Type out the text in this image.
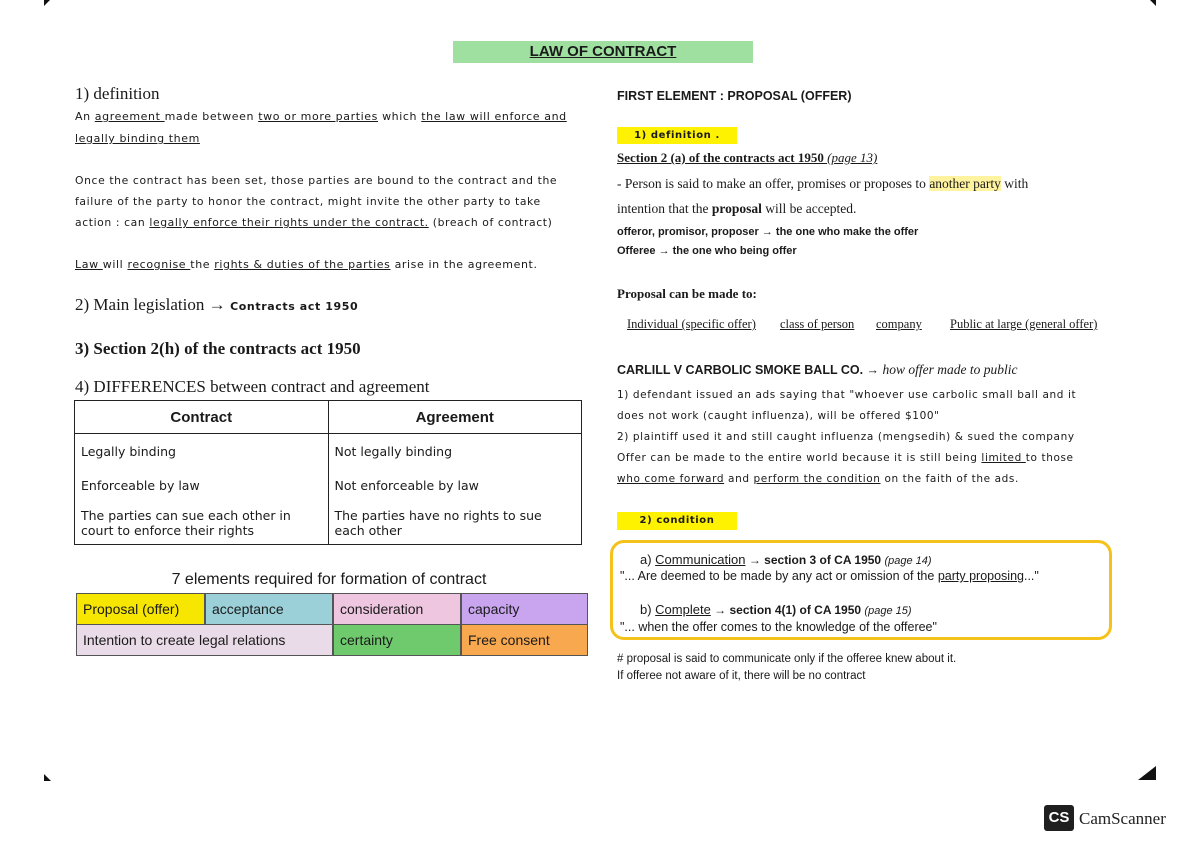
LAW OF CONTRACT
1) definition
An agreement made between two or more parties which the law will enforce and
legally binding them
Once the contract has been set, those parties are bound to the contract and the
failure of the party to honor the contract, might invite the other party to take
action : can legally enforce their rights under the contract. (breach of contract)
Law will recognise the rights & duties of the parties arise in the agreement.
2) Main legislation → Contracts act 1950
3) Section 2(h) of the contracts act 1950
4) DIFFERENCES between contract and agreement
Contract	Agreement
Legally binding	Not legally binding
Enforceable by law	Not enforceable by law
The parties can sue each other in court to enforce their rights	The parties have no rights to sue each other
7 elements required for formation of contract
Proposal (offer)	acceptance	consideration	capacity
Intention to create legal relations	certainty	Free consent
FIRST ELEMENT : PROPOSAL (OFFER)
1) definition .
Section 2 (a) of the contracts act 1950 (page 13)
- Person is said to make an offer, promises or proposes to another party with
intention that the proposal will be accepted.
offeror, promisor, proposer → the one who make the offer
Offeree → the one who being offer
Proposal can be made to:
Individual (specific offer) class of person company Public at large (general offer)
CARLILL V CARBOLIC SMOKE BALL CO. → how offer made to public
1) defendant issued an ads saying that "whoever use carbolic small ball and it
does not work (caught influenza), will be offered $100"
2) plaintiff used it and still caught influenza (mengsedih) & sued the company
Offer can be made to the entire world because it is still being limited to those
who come forward and perform the condition on the faith of the ads.
2) condition
a) Communication → section 3 of CA 1950 (page 14)
"... Are deemed to be made by any act or omission of the party proposing..."
b) Complete → section 4(1) of CA 1950 (page 15)
"... when the offer comes to the knowledge of the offeree"
# proposal is said to communicate only if the offeree knew about it.
If offeree not aware of it, there will be no contract
CS CamScanner
